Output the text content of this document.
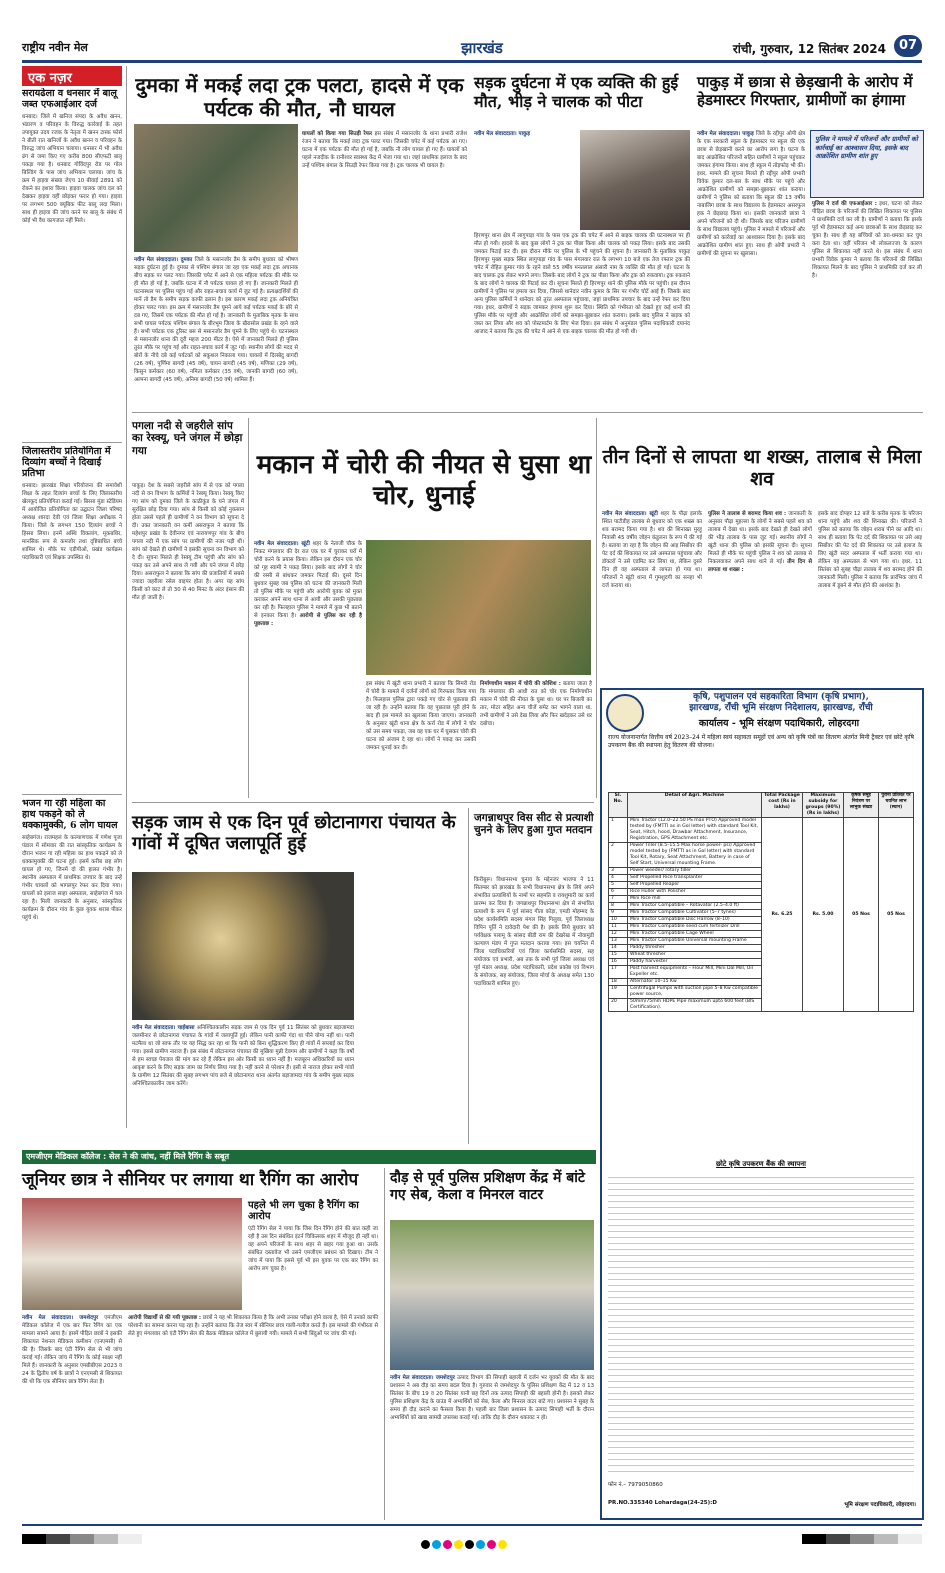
राष्ट्रीय नवीन मेल	झारखंड	रांची, गुरुवार, 12 सितंबर 2024 07
एक नज़र
सरायढेला व धनसार में बालू जब्त एफआईआर दर्ज
धनबाद। जिले में खनिज संपदा के अवैध खनन, भंडारण व परिवहन के विरुद्ध कार्रवाई के तहत उपायुक्त उदय रजक के नेतृत्व में खनन टास्क फोर्स ने बीती रात खनिजों के अवैध खनन व परिवहन के विरुद्ध जांच अभियान चलाया। धनसार में भी अवैध ढंग से जमा किए गए करीब 800 सीएफटी बालू पकड़ा गया है। धनबाद गोविंदपुर रोड पर गोल बिल्डिंग के पास जांच अभियान चलाया। जांच के क्रम में हाइवा संख्या जेएच 10 बीवाई 2891 को रोकने का इशारा किया। हाइवा चालक जांच दल को देखकर हाइवा वहीं छोड़कर फरार हो गया। हाइवा पर लगभग 500 क्यूबिक फीट बालू लदा मिला। साथ ही हाइवा की जांच करने पर बालू के संबंध में कोई भी वैध कागजात नहीं मिले।
जिलास्तरीय प्रतियोगिता में दिव्यांग बच्चों ने दिखाई प्रतिभा
धनबाद। झारखंड शिक्षा परियोजना की समावेशी शिक्षा के तहत दिव्यांग बच्चों के लिए जिलास्तरीय खेलकूद प्रतियोगिता कराई गई। बिरसा मुंडा स्टेडियम में आयोजित प्रतियोगिता का उद्घाटन जिला परिषद अध्यक्ष शारदा देवी एवं जिला शिक्षा अधीक्षक ने किया। जिले के लगभग 150 दिव्यांग बच्चों ने हिस्सा लिया। इनमें अस्थि विकलांग, मूकबधिर, मानसिक रूप से कमजोर तथा दृष्टिबाधित बच्चे शामिल थे। मौके पर एडीपीओ, प्रखंड कार्यक्रम पदाधिकारी एवं शिक्षक उपस्थित थे।
भजन गा रही महिला का हाथ पकड़ने को ले धक्कामुक्की, 6 लोग घायल
साहेबगंज। राजमहल के कल्याणचक में गणेश पूजा पंडाल में सोमवार की रात सांस्कृतिक कार्यक्रम के दौरान भजन गा रही महिला का हाथ पकड़ने को ले धक्कामुक्की की घटना हुई। इसमें करीब छह लोग घायल हो गए, जिनमें दो की हालत गंभीर है। स्थानीय अस्पताल में प्राथमिक उपचार के बाद उन्हें गंभीर घायलों को भागलपुर रेफर कर दिया गया। घायलों को इलाज साहा अस्पताल, साहेबगंज में चल रहा है। मिली जानकारी के अनुसार, सांस्कृतिक कार्यक्रम के दौरान गांव के कुछ युवक शराब पीकर पहुंचे थे।
दुमका में मकई लदा ट्रक पलटा, हादसे में एक पर्यटक की मौत, नौ घायल
नवीन मेल संवाददाता। दुमका जिले के मसानजोर डैम के समीप बुधवार को भीषण सड़क दुर्घटना हुई है। दुमका से पश्चिम बंगाल जा रहा एक मकई लदा ट्रक अचानक बीच सड़क पर पलट गया। जिसकी चपेट में आने से एक महिला पर्यटक की मौके पर ही मौत हो गई है, जबकि घटना में नौ पर्यटक घायल हो गए हैं। जानकारी मिलते ही घटनास्थल पर पुलिस पहुंच गई और राहत-बचाव कार्य में जुट गई है। प्रत्यक्षदर्शियों की मानें तो डैम के समीप सड़क काफी ढलान है। इस कारण मकई लदा ट्रक अनियंत्रित होकर पलट गया। इस क्रम में मसानजोर डैम घूमने आये कई पर्यटक मकई के बोरे से दब गए, जिसमें एक पर्यटक की मौत हो गई है। जानकारी के मुताबिक मृतक के साथ सभी घायल पर्यटक पश्चिम बंगाल के बीरभूम जिला के खैरासोल प्रखंड के रहने वाले हैं। सभी पर्यटक एक टूरिस्ट बस से मसानजोर डैम घूमने के लिए पहुंचे थे। घटनास्थल से मसानजोर थाना की दूरी महज 200 मीटर है। ऐसे में जानकारी मिलते ही पुलिस तुरंत मौके पर पहुंच गई और राहत-बचाव कार्य में जुट गई। स्थानीय लोगों की मदद से बोरों के नीचे दबे कई पर्यटकों को सकुशल निकाला गया। घायलों में दिलबेदु बागदी (26 वर्ष), पूर्णिमा बागदी (45 वर्ष), चायन बागदी (45 वर्ष), मणिका (29 वर्ष), किसुन कर्मकार (60 वर्ष), नमिता कर्मकार (35 वर्ष), जानकी बागदी (60 वर्ष), अल्पना बागदी (45 वर्ष), अनिमा बागदी (50 वर्ष) शामिल हैं।
घायलों को किया गया सिउड़ी रेफर इस संबंध में मसानजोर के थाना प्रभारी राजेश रंजन ने बताया कि मकई लदा ट्रक पलट गया। जिसकी चपेट में कई पर्यटक आ गए। घटना में एक पर्यटक की मौत हो गई है, जबकि नौ लोग घायल हो गए हैं। घायलों को पहले नजदीक के रानीश्वर स्वास्थ्य केंद्र में भेजा गया था। जहां प्राथमिक इलाज के बाद उन्हें पश्चिम बंगाल के सिउड़ी रेफर किया गया है। ट्रक चालक भी घायल है।
सड़क दुर्घटना में एक व्यक्ति की हुई मौत, भीड़ ने चालक को पीटा
नवीन मेल संवाददाता। पाकुड़
हिरणपुर थाना क्षेत्र में लागुपाड़ा गांव के पास एक ट्रक की चपेट में आने से बाइक चालक की घटनास्थल पर ही मौत हो गयी। हादसे के बाद कुछ लोगों ने ट्रक का पीछा किया और चालक को पकड़ लिया। इसके बाद उसकी जमकर पिटाई कर दी। इस दौरान मौके पर पुलिस के भी पहुंचने की सूचना है। जानकारी के मुताबिक पाकुड़ हिरणपुर मुख्य सड़क स्थित लागुपाड़ा गांव के पास मंगलवार रात के लगभग 10 बजे एक तेज रफ्तार ट्रक की चपेट में रोहित कुमार गांव के रहने वाले 55 वर्षीय मनतलाल अंसारी नाम के व्यक्ति की मौत हो गई। घटना के बाद चालक ट्रक लेकर भागने लगा। जिसके बाद लोगों ने ट्रक का पीछा किया और ट्रक को रुकवाया। ट्रक रुकवाने के बाद लोगों ने चालक की पिटाई कर दी। सूचना मिलते ही हिरणपुर थाने की पुलिस मौके पर पहुंची। इस दौरान ग्रामीणों ने पुलिस पर हमला कर दिया, जिससे थानेदार नवीन कुमार के सिर पर गंभीर चोटें आई हैं। जिसके बाद अन्य पुलिस कर्मियों ने थानेदार को तुरंत अस्पताल पहुंचाया, जहां प्राथमिक उपचार के बाद उन्हें रेफर कर दिया गया। इधर, ग्रामीणों ने सड़क जामकर हंगामा शुरू कर दिया। स्थिति को गंभीरता को देखते हुए कई थानों की पुलिस मौके पर पहुंची और आक्रोशित लोगों को समझा-बुझाकर शांत कराया। इसके बाद पुलिस ने बाइक को जब्त कर लिया और शव को पोस्टमार्टम के लिए भेज दिया। इस संबंध में अनुमंडल पुलिस पदाधिकारी दयानंद आजाद ने बताया कि ट्रक की चपेट में आने से एक बाइक चालक की मौत हो गयी थी।
पाकुड़ में छात्रा से छेड़खानी के आरोप में हेडमास्टर गिरफ्तार, ग्रामीणों का हंगामा
नवीन मेल संवाददाता। पाकुड़ जिले के रद्दीपुर ओपी क्षेत्र के एक सरकारी स्कूल के हेडमास्टर पर स्कूल की एक छात्रा से छेड़खानी करने का आरोप लगा है। घटना के बाद आक्रोशित परिजनों सहित ग्रामीणों ने स्कूल पहुंचकर जमकर हंगामा किया। साथ ही स्कूल में तोड़फोड़ भी की। इधर, मामले की सूचना मिलते ही रद्दीपुर ओपी प्रभारी विवेक कुमार दल-बल के साथ मौके पर पहुंचे और आक्रोशित ग्रामीणों को समझा-बुझाकर शांत कराया। ग्रामीणों ने पुलिस को बताया कि स्कूल की 13 वर्षीय नाबालिग छात्रा के साथ विद्यालय के हेडमास्टर असरफुल हक ने छेड़छाड़ किया था। इसकी जानकारी छात्रा ने अपने परिजनों को दी थी। जिसके बाद परिजन ग्रामीणों के साथ विद्यालय पहुंचे। पुलिस ने मामले में परिजनों और ग्रामीणों को कार्रवाई का आश्वासन दिया है। इसके बाद आक्रोशित ग्रामीण शांत हुए। साथ ही ओपी प्रभारी ने ग्रामीणों की सूचना पर खुलासा।
पुलिस ने मामले में परिजनों और ग्रामीणों को कार्रवाई का आश्वासन दिया, इसके बाद आक्रोशित ग्रामीण शांत हुए
पुलिस ने दर्ज की एफआईआर : इधर, घटना को लेकर पीड़ित छात्रा के परिजनों की लिखित शिकायत पर पुलिस ने प्राथमिकी दर्ज कर ली है। ग्रामीणों ने बताया कि इसके पूर्व भी हेडमास्टर कई अन्य छात्राओं के साथ छेड़छाड़ कर चुका है। साथ ही यह बच्चियों को डरा-धमका कर चुप करा देता था। वहीं परिजन भी लोकलज्जा के कारण पुलिस से शिकायत नहीं करते थे। इस संबंध में थाना प्रभारी विवेक कुमार ने बताया कि परिजनों की लिखित शिकायत मिलने के बाद पुलिस ने प्राथमिकी दर्ज कर ली है।
पगला नदी से जहरीले सांप का रेस्क्यू, घने जंगल में छोड़ा गया
पाकुड़। देश के सबसे जहरीले सांप में से एक को पगला नदी से वन विभाग के कर्मियों ने रेस्क्यू किया। रेस्क्यू किए गए सांप को दुमका जिले के काठीकुंड के घने जंगल में सुरक्षित छोड़ दिया गया। सांप से किसी को कोई नुकसान होता उससे पहले ही ग्रामीणों ने वन विभाग को सूचना दे दी। उक्त जानकारी वन कर्मी असराफुल ने बताया कि महेशपुर प्रखंड के देवीनगर एवं नारायणपुर गांव के बीच पगला नदी में एक सांप पर ग्रामीणों की नजर पड़ी थी। सांप को देखते ही ग्रामीणों ने इसकी सूचना वन विभाग को दे दी। सूचना मिलते ही रेस्क्यू टीम पहुंची और सांप को पकड़ कर उसे अपने साथ ले गयी और घने जंगल में छोड़ दिया। असराफुल ने बताया कि सांप की प्रजातियों में सबसे ज्यादा जहरीला रसेल वाइपर होता है। अगर यह सांप किसी को काट ले तो 30 से 40 मिनट के अंदर इंसान की मौत हो जाती है।
मकान में चोरी की नीयत से घुसा था चोर, धुनाई
नवीन मेल संवाददाता। खूंटी शहर के नेताजी चौक के निकट मंगलवार की देर रात एक घर में चुराकर घरों में चोरी करने के प्रयास किया। लेकिन इस दौरान एक चोर को गृह स्वामी ने पकड़ लिया। इसके बाद लोगों ने चोर की रस्सी से बांधकर जमकर पिटाई की। दूसरे दिन बुधवार सुबह जब पुलिस को घटना की जानकारी मिली तो पुलिस मौके पर पहुंची और आरोपी युवक को मुक्त कराकर अपने साथ थाना ले आयी और उसकी पूछताछ कर रही है। फिलहाल पुलिस ने मामले में कुछ भी बताने से इनकार किया है। आरोपी से पुलिस कर रही है पूछताछ :
इस संबंध में खूंटी थाना प्रभारी ने बताया कि सिमरी रोड में चोरी के मामले में दर्जनों लोगों को गिरफ्तार किया गया है। फिलहाल पुलिस द्वारा पकड़े गए चोर से पूछताछ की जा रही है। उन्होंने बताया कि वह पूछताछ पूरी होने के बाद ही इस मामले का खुलासा किया जाएगा। जानकारी के अनुसार खूंटी थाना क्षेत्र के कर्रा रोड में लोगों ने चोर को उस समय पकड़ा, जब वह एक घर में घुसकर चोरी की घटना को अंजाम दे रहा था। लोगों ने पकड़ कर उसकी जमकर धुनाई कर दी।
निर्माणाधीन मकान में चोरी की कोशिश : बताया जाता है कि मंगलवार की आधी रात को चोर एक निर्माणाधीन मकान में चोरी की नीयत के घुसा था। घर पर बिजली का तार, मोटर सहित अन्य चीजें समेट कर भागने वाला था, तभी ग्रामीणों ने उसे देख लिया और फिर खदेड़कर उसे धर दबोचा।
तीन दिनों से लापता था शख्स, तालाब से मिला शव
नवीन मेल संवाददाता। खूंटी शहर के पौढ़ा इलाके स्थित पाटीडीह तालाब से बुधवार को एक शख्स का शव बरामद किया गया है। शव की शिनाख्त मुरहू निवासी 45 वर्षीय जोहन कंडुलना के रूप में की गई है। बताया जा रहा है कि जोहन की आइ सिर्बोवर की पेट दर्द की शिकायत पर उसे अस्पताल पहुंचाया और डॉक्टरों ने उसे एडमिट कर लिया था, लेकिन दुसरे दिन ही वह अस्पताल से लापता हो गया था। परिजनों ने खूंटी थाना में गुमशुदगी का सनहा भी दर्ज कराया था।
पुलिस ने तालाब से बरामद किया शव : जानकारी के अनुसार पौढ़ा मुहल्ला के लोगों ने सबसे पहले शव को तालाब में देखा था। इसके बाद देखते ही देखते लोगों की भीड़ तालाब के पास जुट गई। स्थानीय लोगों ने खूंटी थाना की पुलिस को इसकी सूचना दी। सूचना मिलते ही मौके पर पहुंची पुलिस ने शव को तालाब से निकलवाकर अपने साथ थाने ले गई। तीन दिन से लापता था शख्स :
इसके बाद दोपहर 12 बजे के करीब मृतक के परिजन थाना पहुंचे और शव की शिनाख्त की। परिजनों ने पुलिस को बताया कि जोहन शराब पीने का आदि था। साथ ही बताया कि पेट दर्द की शिकायत पर उसे आइ सिर्बोवर की पेट दर्द की शिकायत पर उसे इलाज के लिए खूंटी सदर अस्पताल में भर्ती कराया गया था। लेकिन वह अस्पताल से भाग गया था। इधर, 11 सितंबर को सुबह पौढ़ा तालाब में शव बरामद होने की जानकारी मिली। पुलिस ने बताया कि प्रारंभिक जांच में तालाब में डूबने से मौत होने की आशंका है।
कृषि, पशुपालन एवं सहकारिता विभाग (कृषि प्रभाग),
झारखण्ड, राँची भूमि संरक्षण निदेशालय, झारखण्ड, राँची
कार्यालय - भूमि संरक्षण पदाधिकारी, लोहरदगा
राज्य योजनान्तर्गत वित्तीय वर्ष 2023–24 में महिला स्वयं सहायता समूहों एवं अन्य को कृषि यंत्रों का वितरण अंतर्गत मिनी ट्रैक्टर एवं छोटे कृषि उपकरण बैंक की स्थापना हेतु वितरण की योजना।
Sl. No.	Detail of Agri. Machine	Total Package cost (Rs in lakhs)	Maximum subsidy for groups (90%) (Rs in lakhs)	कृषक समूह नियंत्रण पर लाभुक संख्या	पुराना प्रतिशत पर चयनित लाभ (स्थान)
1	Mini Tractor (12.0–22.50 PS max PTO) Approved model tested by (FMTTI as in Gol letter) with standard Tool Kit, Seat, Hitch, hood, Drawbar Attachment, Insurance, Registration, GPS Attachment etc.	Rs. 6.25	Rs. 5.00	05 Nos	05 Nos
2	Power Tiller (8.5–15.5 Max horse power- psi) Approved model tested by (FMTTI as in Gol letter) with standard Tool Kit, Rotary, Seat Attachment, Battery in case of Self Start, Universal mounting Frame.				
3	Power weeder/ rotary tiller				
4	Self Propelled Rice transplanter				
5	Self Propelled Reaper				
6	Rice Huller with Polisher				
7	Mini Rice mill				
8	Mini Tractor Compatible – Rotavator (2.5–4.0 ft)				
9	Mini Tractor Compatible Cultivator (5–7 tynes)				
10	Mini Tractor Compatible Disc Harrow (8–10)				
11	Mini Tractor Compatible seed cum fertilizer Drill				
12	Mini Tractor Compatible Cage Wheel				
13	Mini Tractor Compatible Universal mounting Frame				
14	Paddy thresher				
15	Wheat thresher				
16	Paddy harvester				
17	Post harvest equipments – Flour Mill, Mini Dal Mill, Oil Expeller etc.				
18	Alternator 10–15 Kw				
19	Centrifugal Pumps with suction pipe 5–8 Kw compatible power source,				
20	50mm/75mm HDPE Pipe maximum upto 600 feet (BIS Certification).				
छोटे कृषि उपकरण बैंक की स्थापना
फोन नं.– 7979050860
PR.NO.335340 Lohardaga(24-25):D	भूमि संरक्षण पदाधिकारी, लोहरदगा।
सड़क जाम से एक दिन पूर्व छोटानागरा पंचायत के गांवों में दूषित जलापूर्ति हुई
नवीन मेल संवाददाता। चाईबासा अनिश्चितकालीन सड़क जाम से एक दिन पूर्व 11 सितंबर को बुधवार बड़ाजामदा जलमीनार से छोटानागरा पंचायत के गांवों में जलापूर्ति हुई। लेकिन पानी काफी गंदा था पीने योग्य नहीं था। पानी मटमैला था जो साफ तौर पर यह सिद्ध कर रहा था कि पानी को बिना शुद्धिकरण किए ही गांवों में सप्लाई कर दिया गया। इससे ग्रामीण नाराज हैं। इस संबंध में छोटानागरा पंचायत की मुखिया मुन्नी देवगम और ग्रामीणों ने कहा कि वर्षों से हम स्वच्छ पेयजल की मांग कर रहे हैं लेकिन इस ओर किसी का ध्यान नहीं है। मजबूरन अधिकारियों का ध्यान आकृष्ट करने के लिए सड़क जाम का निर्णय लिया गया है। नहीं करने से परेशान हैं। इसी से नाराज होकर सभी गांवों के ग्रामीण 12 सितंबर की सुबह लगभग पांच बजे से छोटानागरा थाना अंतर्गत बड़ाजामदा गांव के समीप मुख्य सड़क अनिश्चितकालीन जाम करेंगे।
जगन्नाथपुर विस सीट से प्रत्याशी चुनने के लिए हुआ गुप्त मतदान
किरीबुरू। विधानसभा चुनाव के मद्देनजर भाजपा ने 11 सितम्बर को झारखंड के सभी विधानसभा क्षेत्र के लिये अपने संभावित प्रत्याशियों के नामों पर सहमति व रायशुमारी का कार्य प्रारम्भ कर दिया है। जगन्नाथपुर विधानसभा क्षेत्र से संभावित प्रत्याशी के रूप में पूर्व सांसद गीता कोड़ा, एमडी मोहम्मद के प्रदेश कार्यसमिति सदस्य मंगल सिंह गिलुवा, पूर्व जिलाध्यक्ष विपिन पूर्ति ने दावेदारी पेश की है। इसके लिये बुधवार को पर्यवेक्षक पलामू के सांसद बीडी राम की देखरेख में नोवामुंडी कल्याण मंडप में गुप्त मतदान कराया गया। इस चयनित में जिला पदाधिकारियों एवं जिला कार्यसमिति सदस्य, सह संयोजक एवं प्रभारी, अब तक के सभी पूर्व जिला अध्यक्ष एवं पूर्व मंडल अध्यक्ष, प्रदेश पदाधिकारी, प्रदेश प्रकोष्ठ एवं विभाग के संयोजक, सह संयोजक, जिला मोर्चा के अध्यक्ष समेत 130 पदाधिकारी शामिल हुए।
एमजीएम मेडिकल कॉलेज : सेल ने की जांच, नहीं मिले रैगिंग के सबूत
जूनियर छात्र ने सीनियर पर लगाया था रैगिंग का आरोप
पहले भी लग चुका है रैगिंग का आरोप
एंटी रैगिंग सेल ने पाया कि जिस दिन रैगिंग होने की बात कही जा रही है उस दिन संबंधित इंटर्न चिकित्सक शहर में मौजूद ही नहीं था। वह अपने परिजनों के साथ शहर से बाहर गया हुआ था। उसके संबंधित दस्तावेज भी उसने एमजीएम प्रबंधन को दिखाए। टीम ने जांच में पाया कि इससे पूर्व भी इस युवक पर एक बार रैगिंग का आरोप लग चुका है।
नवीन मेल संवाददाता। जमशेदपुर एमजीएम मेडिकल कॉलेज में एक बार फिर रैगिंग का एक मामला सामने आया है। इसमें पीड़ित छात्रों ने इसकी शिकायत नेशनल मेडिकल कमीशन (एनएमसी) से की है। जिसके बाद एंटी रैगिंग सेल से भी जांच कराई गई। लेकिन जांच में रैगिंग के कोई साक्ष्य नहीं मिले हैं। जानकारी के अनुसार एमबीबीएस 2023 व 24 के द्वितीय वर्ष के छात्रों ने एनएमसी से शिकायत की थी कि एक सीनियर छात्र रैगिंग लेता है।
आरोपी विद्यार्थी से की गयी पूछताछ : छात्रों ने यह भी शिकायत किया है कि अभी उनका परीक्षा होने वाला है, ऐसे में उनको काफी परेशानी का सामना करना पड़ रहा है। उन्होंने बताया कि तेज स्वर में सीनियर छात्र गाली-गलौज करते हैं। इस मामले की गंभीरता से लेते हुए मंगलवार को एंटी रैगिंग सेल की बैठक मेडिकल कॉलेज में बुलायी गयी। मामले में सभी बिंदुओं पर जांच की गई।
दौड़ से पूर्व पुलिस प्रशिक्षण केंद्र में बांटे गए सेब, केला व मिनरल वाटर
नवीन मेल संवाददाता। जमशेदपुर उत्पाद विभाग की सिपाही बहाली में दर्जन भर युवकों की मौत के बाद प्रशासन ने अब दौड़ का समय बदल दिया है। गुरुवार से जमशेदपुर के पुलिस प्रशिक्षण केंद्र में 12 व 13 सितंबर के बीच 19 व 20 सितंबर यानी छह दिनों तक उत्पाद सिपाही की बहाली होनी है। इसको लेकर पुलिस प्रशिक्षण केंद्र के ग्राउंड में अभ्यर्थियों को सेब, केला और मिनरल वाटर बांटे गए। प्रशासन ने सुबह के समय ही दौड़ कराने का फैसला किया है। पहली बार जिला प्रशासन के उत्पाद सिपाही भर्ती के दौरान अभ्यर्थियों को खाद्य सामग्री उपलब्ध कराई गई। ताकि दौड़ के दौरान थकावट न हो।
